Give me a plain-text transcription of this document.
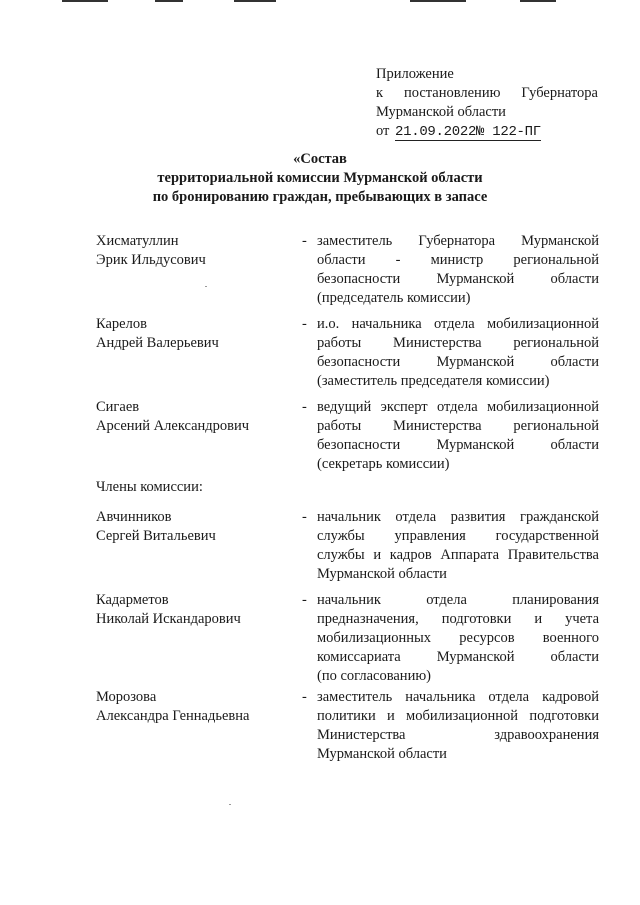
Приложение
к постановлению Губернатора
Мурманской области
от 21.09.2022№ 122-ПГ
«Состав
территориальной комиссии Мурманской области
по бронированию граждан, пребывающих в запасе
Хисматуллин
Эрик Ильдусович
- заместитель Губернатора Мурманской
области - министр региональной
безопасности Мурманской области
(председатель комиссии)
Карелов
Андрей Валерьевич
- и.о. начальника отдела мобилизационной
работы Министерства региональной
безопасности Мурманской области
(заместитель председателя комиссии)
Сигаев
Арсений Александрович
- ведущий эксперт отдела мобилизационной
работы Министерства региональной
безопасности Мурманской области
(секретарь комиссии)
Члены комиссии:
Авчинников
Сергей Витальевич
- начальник отдела развития гражданской
службы управления государственной
службы и кадров Аппарата Правительства
Мурманской области
Кадарметов
Николай Искандарович
- начальник отдела планирования
предназначения, подготовки и учета
мобилизационных ресурсов военного
комиссариата Мурманской области
(по согласованию)
Морозова
Александра Геннадьевна
- заместитель начальника отдела кадровой
политики и мобилизационной подготовки
Министерства здравоохранения
Мурманской области
